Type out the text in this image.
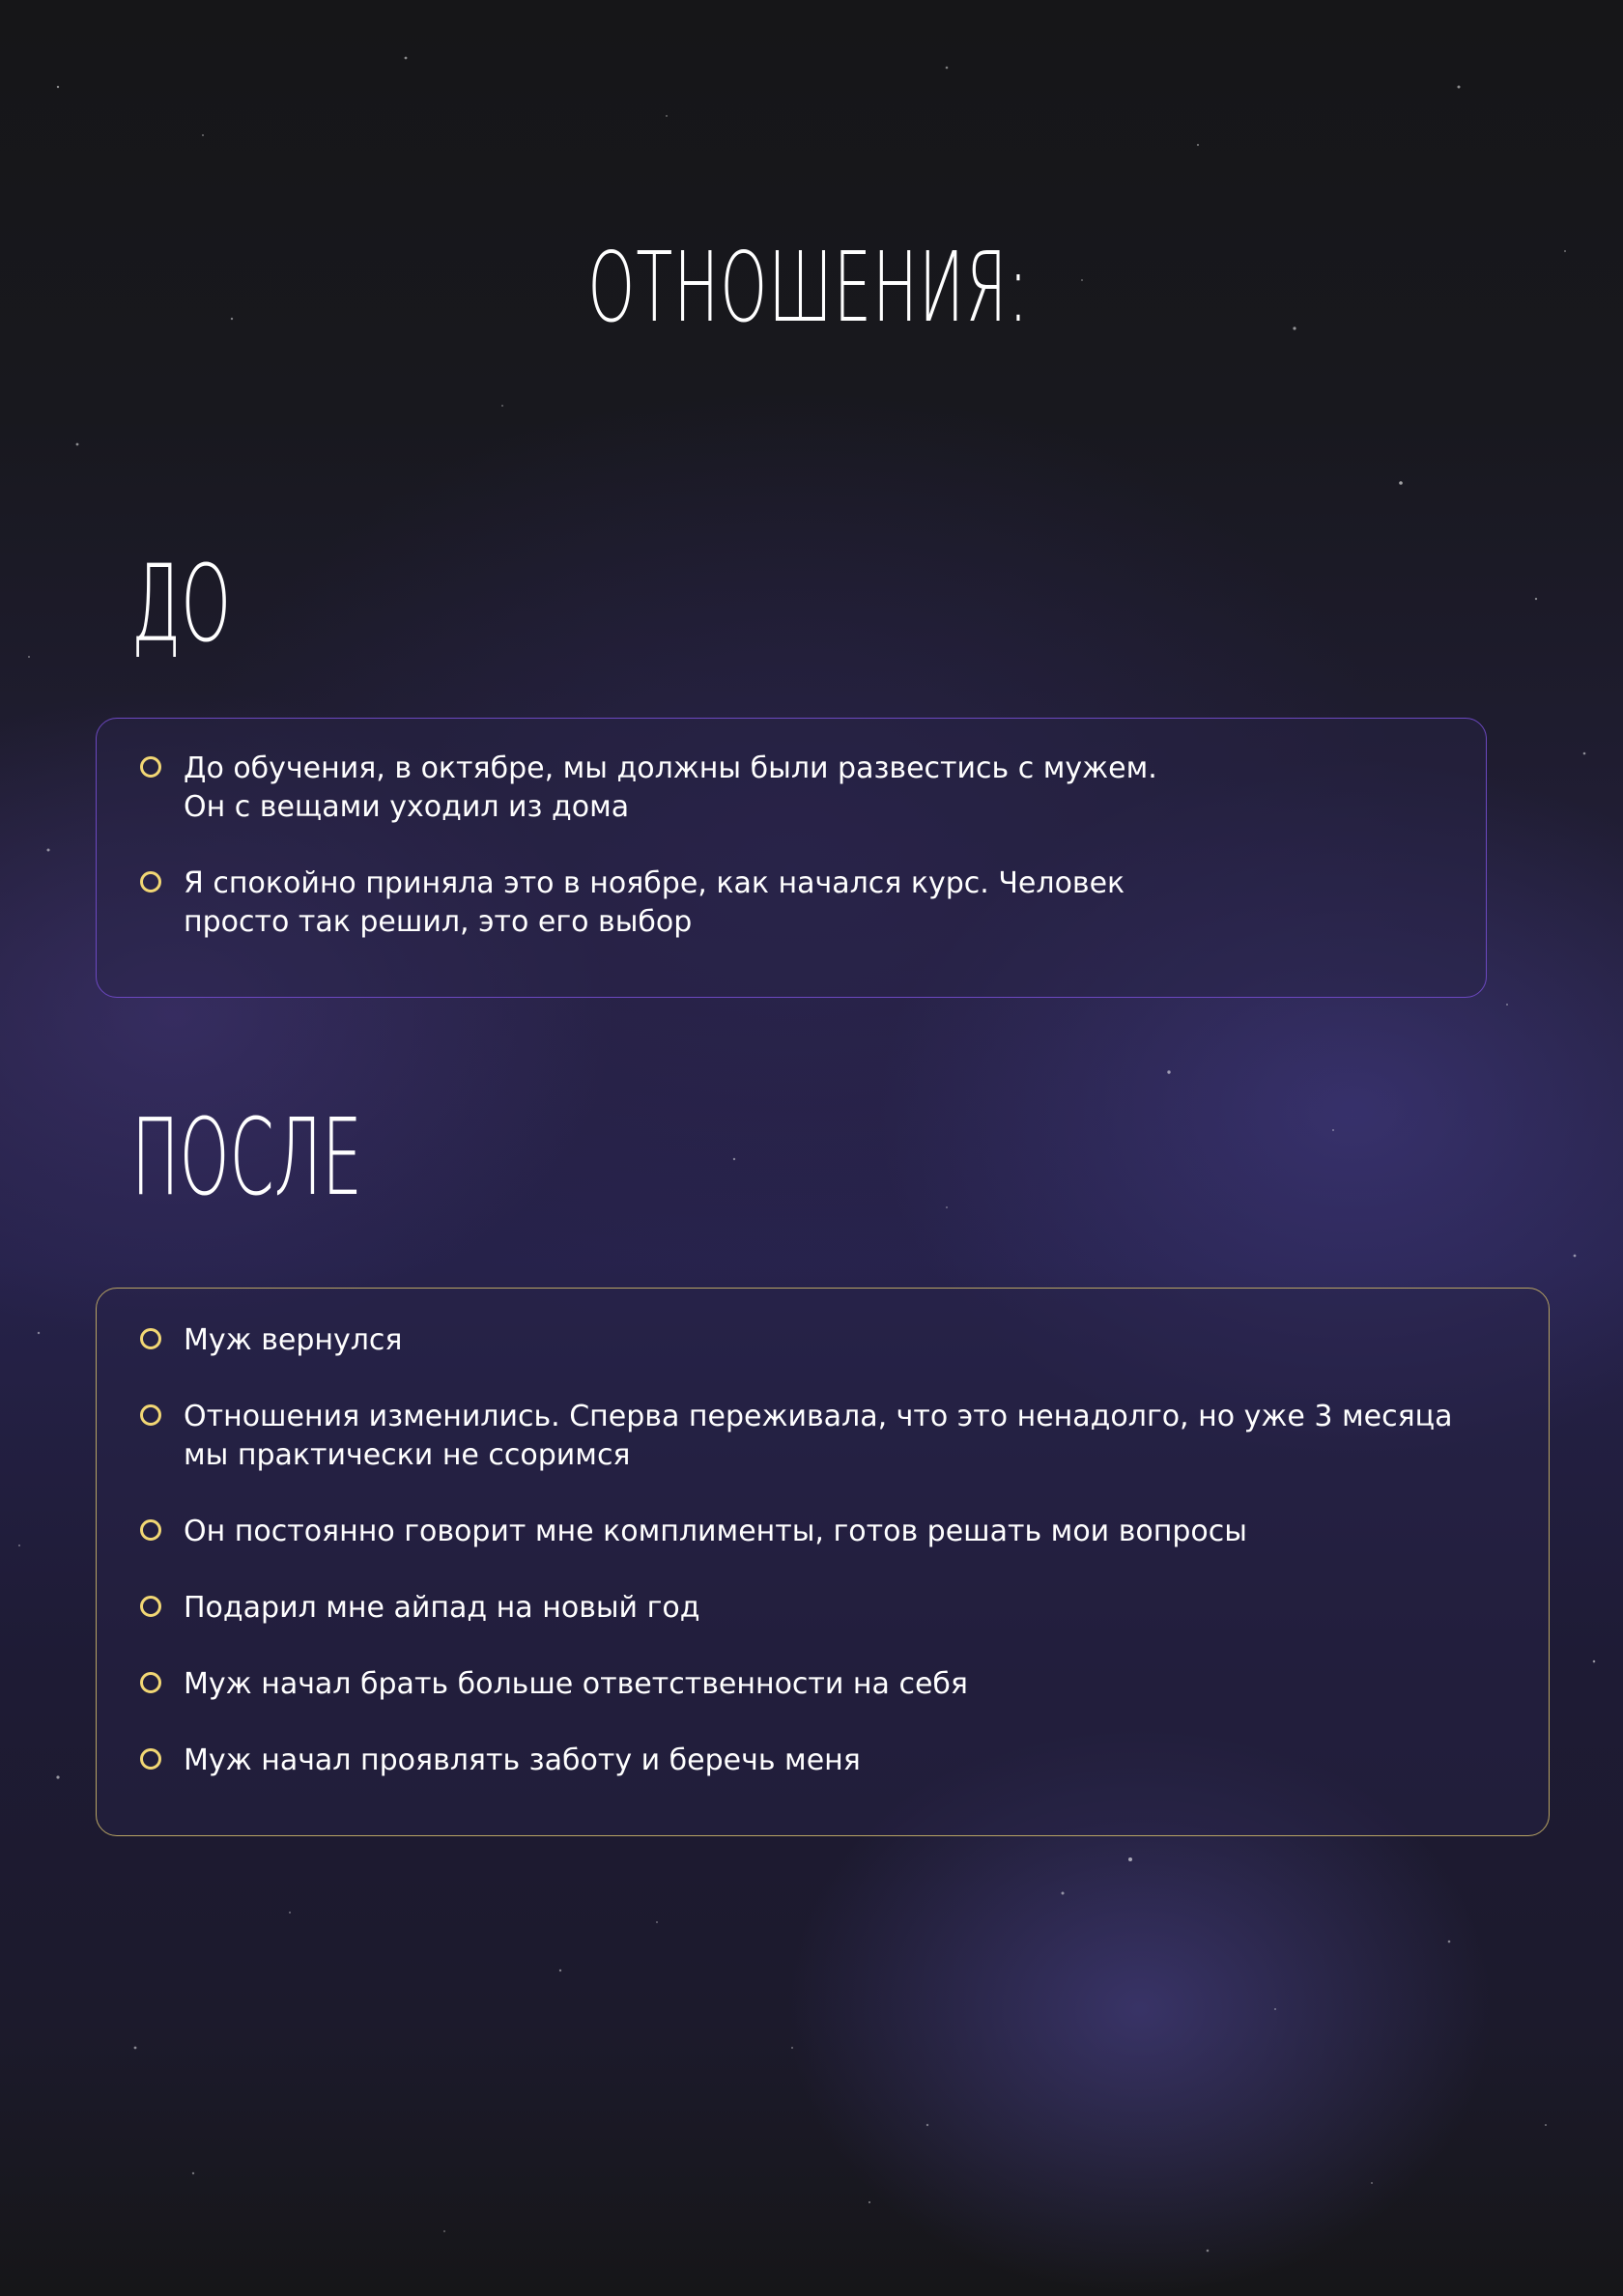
ОТНОШЕНИЯ:
ДО
До обучения, в октябре, мы должны были развестись с мужем.
Он с вещами уходил из дома
Я спокойно приняла это в ноябре, как начался курс. Человек
просто так решил, это его выбор
ПОСЛЕ
Муж вернулся
Отношения изменились. Сперва переживала, что это ненадолго, но уже 3 месяца
мы практически не ссоримся
Он постоянно говорит мне комплименты, готов решать мои вопросы
Подарил мне айпад на новый год
Муж начал брать больше ответственности на себя
Муж начал проявлять заботу и беречь меня
